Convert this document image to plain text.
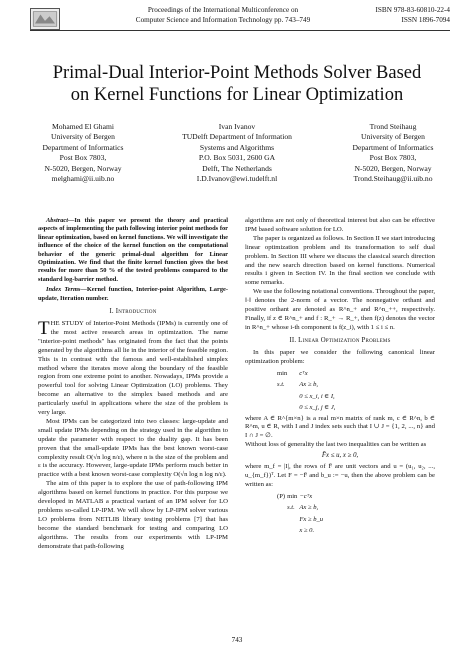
Proceedings of the International Multiconference on
Computer Science and Information Technology pp. 743–749
ISBN 978-83-60810-22-4
ISSN 1896-7094
Primal-Dual Interior-Point Methods Solver Based
on Kernel Functions for Linear Optimization
Mohamed El Ghami
University of Bergen
Department of Informatics
Post Box 7803,
N-5020, Bergen, Norway
melghami@ii.uib.no
Ivan Ivanov
TUDelft Department of Information
Systems and Algorithms
P.O. Box 5031, 2600 GA
Delft, The Netherlands
I.D.Ivanov@ewi.tudelft.nl
Trond Steihaug
University of Bergen
Department of Informatics
Post Box 7803,
N-5020, Bergen, Norway
Trond.Steihaug@ii.uib.no

Abstract—In this paper we present the theory and practical aspects of implementing the path following interior point methods for linear optimization, based on kernel functions. We will investigate the influence of the choice of the kernel function on the computational behavior of the generic primal-dual algorithm for Linear Optimization. We find that the finite kernel function gives the best results for more than 50 % of the tested problems compared to the standard log-barrier method.

Index Terms—Kernel function, Interior-point Algorithm, Large-update, Iteration number.

I. Introduction

THE STUDY of Interior-Point Methods (IPMs) is currently one of the most active research areas in optimization. The name "interior-point methods" has originated from the fact that the points generated by the algorithms all lie in the interior of the feasible region. This is in contrast with the famous and well-established simplex method where the iterates move along the boundary of the feasible region from one extreme point to another. Nowadays, IPMs provide a powerful tool for solving Linear Optimization (LO) problems. They become an alternative to the simplex based methods and are particularly useful in applications where the size of the problem is very large.

Most IPMs can be categorized into two classes: large-update and small update IPMs depending on the strategy used in the algorithm to update the parameter with respect to the duality gap. It has been proven that the small-update IPMs has the best known worst-case complexity result O(√n log n/ε), where n is the size of the problem and ε is the accuracy. However, large-update IPMs perform much better in practice with a best known worst-case complexity O(√n log n log n/ε).

The aim of this paper is to explore the use of path-following IPM algorithms based on kernel functions in practice. For this purpose we developed in MATLAB a practical variant of an IPM solver for LO problems so-called LP-IPM. We will show by LP-IPM solver various LO problems from NETLIB library testing problems [7] that has become the standard benchmark for testing and comparing LO algorithms. The results from our experiments with LP-IPM demonstrate that path-following

algorithms are not only of theoretical interest but also can be effective IPM based software solution for LO.

The paper is organized as follows. In Section II we start introducing linear optimization problem and its transformation to self dual problem. In Section III where we discuss the classical search direction and the new search direction based on kernel functions. Numerical results i given in Section IV. In the final section we conclude with some remarks.

We use the following notational conventions. Throughout the paper, ‖·‖ denotes the 2-norm of a vector. The nonnegative orthant and positive orthant are denoted as R^n_+ and R^n_++, respectively. Finally, if z ∈ R^n_+ and f : R_+ → R_+, then f(z) denotes the vector in R^n_+ whose i-th component is f(z_i), with 1 ≤ i ≤ n.

II. Linear Optimization Problems

In this paper we consider the following canonical linear optimization problem:

min	cᵀx
s.t.	Ax ≥ b,
	0 ≤ x_i, i ∈ I,
	0 ≤ x_j, j ∈ J,

where A ∈ R^{m×n} is a real m×n matrix of rank m, c ∈ R^n, b ∈ R^m, u ∈ R, with I and J index sets such that I ∪ J = {1, 2, ..., n} and I ∩ J = ∅.

Without loss of generality the last two inequalities can be written as

F̄x ≤ u, x ≥ 0,

where m_f = |I|, the rows of F̄ are unit vectors and u = (u₁, u₂, ..., u_{m_f})ᵀ. Let F = −F̄ and b_u := −u, then the above problem can be written as:

(P)	min	−cᵀx
	s.t.	Ax ≥ b,
		Fx ≥ b_u
		x ≥ 0.
743
